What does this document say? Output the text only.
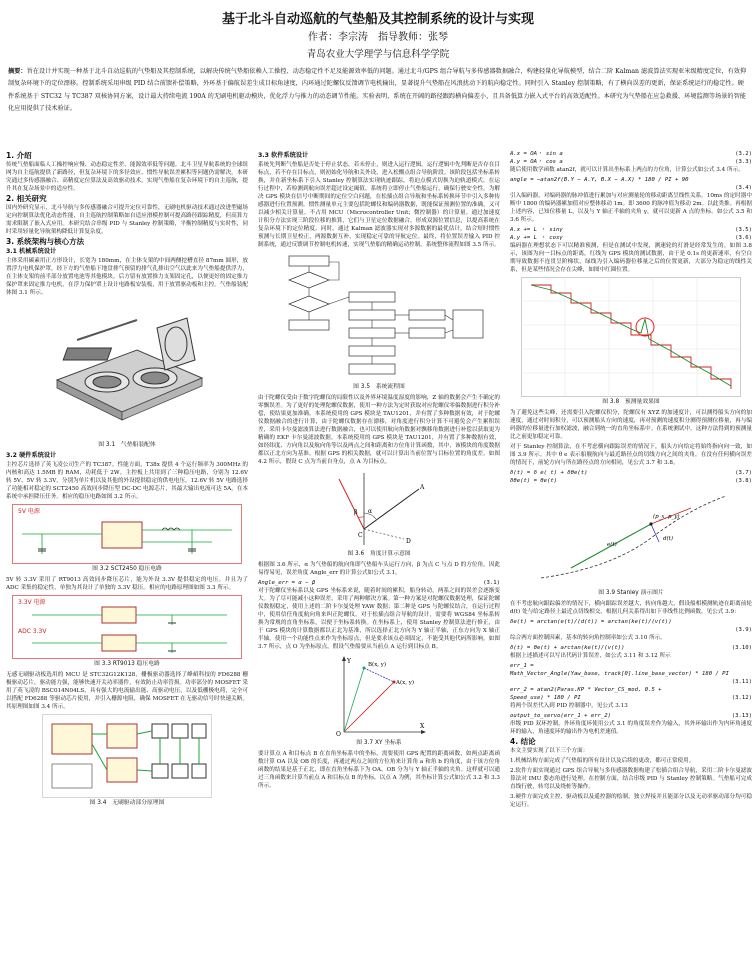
基于北斗自动巡航的气垫船及其控制系统的设计与实现
作者：李宗涛　指导教师：张琴
青岛农业大学理学与信息科学学院
摘要：旨在设计并实现一种基于北斗自动巡航的气垫船及其控制系统，以解决传统气垫船依赖人工操控、动态稳定性不足及能源效率低的问题。通过北斗/GPS 组合导航与多传感器数据融合，构建轻量化导航模型，结合二阶 Kalman 滤波算法实现亚米级精度定位，有效抑制复杂环境下的定位漂移。控制系统采用串级 PID 结合前馈补偿策略，外环基于偏航误差生成目标角速度，内环通过陀螺仪反馈调节电机输出，显著提升气垫船在风浪扰动下的航向稳定性。同时引入 Stanley 控制策略，有了横向误差的更新，保证系统运行的稳定性。硬件系统基于 STC32 与 TC387 双核协同方案，设计最大持续电流 190A 的无刷电机驱动模块，优化浮力与推力的动态调节性能。实验表明，系统在开阔的路径跟踪横向偏差小，且具备低算力嵌入式平台的高效适配性。本研究为气垫船在应急救援、环境监测等场景的智能化应用提供了技术验证。
1. 介绍

传统气垫船面临人工操控响应慢、动态稳定性差、能源效率低等问题。北斗卫星导航系统的全球组网为自主巡航提供了新路径，但复杂环境下的多径效应、惯性导航误差累积等问题仍需解决。本研究通过多传感器融合、高精度定位算法及高效驱动技术，实现气垫船在复杂环境下的自主巡航，提升其在复杂场景中的适应性。

2. 相关研究

国内外研究显示，北斗导航与多传感器融合可提升定位可靠性，无刷电机驱动技术通过改进型磁场定向控制算法优化动态性能，自主巡航控制策略如自适应滑模控制可提高路径跟踪精度，但高算力需求限制了嵌入式应用。本研究结合串级 PID 与 Stanley 控制策略，平衡控制精度与实时性，同时采用轻量化导航架构降低计算复杂度。

3. 系统架构与核心方法
3.1 机械系统设计

主体采用碳素用正方形设计，长宽为 180mm，在主体支架的中间两侧挖槽直径 87mm 圆形，放置浮力电机保护罩，经下方的气垫船下地盘排气预留的排气孔排出空气以此来为气垫船提供浮力，在主体支架的前半部分放置电池等其他模块，后方留有放置推力支架固定孔，以便更好的固定推力保护罩来固定推力电机，在浮力保护罩上设计电路板安装板，用于放置驱动板和主控。气垫船装配体图 3.1 所示。

图 3.1　气垫船装配体
3.2 硬件系统设计

主控芯片选择了英飞凌公司生产的 TC387。性能方面，T38x 提供 4 个运行频率为 300MHz 的内核和高达 1.5MB 的 RAM，功耗低于 2W。主控板上共用到了三种稳压电路，分别为 12.6V 转 5V、5V 转 3.3V，分别为单片机以及其他的外设提供稳定的供电电压。12.6V 转 5V 电路选择了功能相对稳定的 SCT2450 高效同步降压型 DC-DC 电源芯片，其最大输出电流可达 5A，在本系统中承担降压任务。相应的稳压电路如图 3.2 所示。

5V 电源
图 3.2 SCT2450 稳压电路

5V 转 3.3V 采用了 RT9013 高效同步降压芯片，能为外设 3.3V 提供稳定的电压。并且为了 ADC 采集的稳定性，单独为其设计了单独的 3.3V 稳压。相应的电路原理图如图 3.3 所示。

3.3V 电源
ADC 3.3V
图 3.3 RT9013 稳压电路

无感无刷驱动板选用的 MCU 是 STC32G12K128，栅极驱动器选择了峰岹科技的 FD6288 栅极驱动芯片，驱动能力强，能够快速开关功率器件，有效防止功率管损。功率部分的 MOSFET 采用了英飞凌的 BSC014N04LS，具有强大的电流输出能、高驱动电压，以及低栅极电荷，完全可以搭配 FD6288 等驱动芯片使用，并引入栅源电阻，确保 MOSFET 在无驱动信号时快速关断。其原理图如图 3.4 所示。

图 3.4　无刷驱动部分原理图
3.3 软件系统设计

系统先判断气垫船是否处于停止状态，若未停止，则进入运行逻辑。运行逻辑中先判断是否存在目标点，若不存在目标点，则初始化导航和关外设，进入松懈点组合导航阶段。该阶段包括坐标系转换，并在新坐标系下引入 Stanley 控制算法实现轨迹跟踪，将迫点模式切换为迫轨道模式。在运行过程中，若检测到航向误差超过设定阈值，系统将立即停止气垫船运行，确保行驶安全性。为解决 GPS 模块在信号中断期间的定位空白问题，在松插点组合导航和坐标系转换环节中引入多种传感器进行位置预测。惯性测量单元主要包括陀螺仪和编码器数据，既能保证预测位置的准确，又可以减少相关计算量。不占用 MCU（Microcontroller Unit；微控制器）的计算量。通过加速度计积分方法实现三阶段位移的推算，它们与卫星定位数据融合，形成双源位置信息，以提高系统在复杂环境下的定位精度。同时，通过 Kalman 滤波器实现对多源数据的最优估计，结合短时惯性预测与长期卫星校正，两源数据互补，实现稳定可靠的导航定位。最终，将位置误差输入 PID 控制系统，通过反馈调节控制电机转速，实现气垫船的精确运动控制。系统整体流程如图 3.5 所示。

图 3.5　系统流程图

由于陀螺仪受由于数字陀螺仪的局限性以及外界环境温度湿度的影响，Z 轴的数据会产生不确定的零飘误差。为了更好的处理陀螺仪数据，使用一种方法为定时获取对应陀螺仪零偏数据进行积分补偿，使结果更加准确。本系统使用的 GPS 模块是 TAU1201，并有置了多种数据有效，对于陀螺仪数据融合的进行计算，由于陀螺仪数据存在漂移，对角度进行积分计算不可避免会产生累积误差，采用卡尔曼滤波算法进行数据融合，也可以使用航向角数据对飘移角数据进行补偿以获取更为精确的 EKF 卡尔曼滤波数据。本系统使用的 GPS 模块是 TAU1201，并有置了多种数据有效，如经纬度、方向角以及航向角等以及两点之间和距离和方位角计算函数，其中，该模块的角度数据都以正北方向为基准。根据 GPS 的相关数据，就可以计算出当前位置与目标位置的角度差。如图 4.2 所示，假设 C 点为当前自身点，点 A 为目标点。

α
β
C
A
D
图 3.6　角度计算示意图

根据图 3.6 所示，α 为气垫船的航向角即气垫船车头运行方向，β 为点 C 与点 D 的方位角，因此易得易见，误差角度 Angle_err 的计算公式如公式 3.1。

Angle_err = α − β	(3.1)

对于陀螺仪坐标系以及 GPS 坐标系来说，随着时间的累积，船身转动，两系之间的误差会逐渐变大。为了尽可能减小这种误差，采用了两种解决方案。第一种方案是对陀螺仪数据处理，保证陀螺仪数据稳定，使用上述的二阶卡尔曼处理 YAW 数据；第二种是 GPS 与陀螺仪结合，在运行过程中，使用信任角度航向角来纠正陀螺仪。对于松插点组合导航的设计，需要将 WGS84 坐标系转换为常规的直角坐标系，以便于坐标系转换。在坐标系上，使用 Stanley 控制算法进行修正，由于 GPS 模块的计算数据都以正北为基准，所以选择正北方向为 Y 轴正半轴，正东方向为 X 轴正半轴。使用一个功能性点来作为坐标原点，但是要求该点必须固定，不能受其他代码所影响。如图 3.7 所示，点 O 为坐标原点，假设气垫船要从当前点 A 运行到目标点 B。

Y
X
O
A(x, y)
B(x, y)
图 3.7 XY 坐标系

要计算点 A 和目标点 B 在直角坐标系中的坐标，需要使用 GPS 配置的距离函数，如两点距离函数计算 OA 以及 OB 的长度，再通过两点之间的方位角来计算角 a 和角 b 的角度，由于该方位角函数的结果是基于正北，即在直角坐标系下为 OA、OB 分为与 Y 轴正半轴的夹角。这样就可以通过三角函数来计算当前点 A 和目标点 B 的坐标，以点 A 为例，其坐标计算公式如公式 3.2 和 3.3 所示。

A.x = OA・ sin a	(3.2)
A.y = OA・ cos a	(3.3)

随后使用数学函数 atan2f，就可以计算出坐标系上两点的方位角，计算公式如公式 3.4 所示。

angle = −atan2f(B.Y − A.Y, B.X − A.X) * 180 / PI + 90
(3.4)

引入编码器，对编码器的脉冲值进行累加与对应测量轮的移动距离呈线性关系。10ms 的定时器中断中 1800 的编码器累加值对应整体移动 1m。即 3600 的脉冲值为移动 2m。以此类推。再根据上述内容，已知位移量 L，以及与 Y 轴正半轴的夹角 γ，就可以更新 A 点的坐标。如公式 3.5 和 3.6 所示。

A.x += L ・ sinγ	(3.5)
A.y += L ・ cosγ	(3.6)

编码器在理想状态下可以精准预测，但是在测试中发现，测速轮的打滑是经常发生的。如图 3.8 示，该图为向一目标点的距离，红线为 GPS 模块的测试数据，由于是 0.1s 的更新速率，有空白期导致数据不连贯呈阶梯状，绿线为引入编码器位移量之后的位置更新，大部分为稳定的线性关系，但是某些情况会存在尖峰，如图中红圈位置。

图 3.8　预测量效果图

为了避免这些尖峰，还需要引入陀螺仪积分，陀螺仪有 XYZ 的加速度计，可以测得船头方向的加速度，通过对时间积分，可以预测船头方向的速度，再对预测的速度积分测得预测位移量，再与编码器的位移量进行加权滤波，融合到统一的直角坐标系中。在系统测试中，这种方法得到的预测量比之前更加稳定可靠。

对于 Stanley 控制算法，在不考虑横向跟踪误差的情况下，船头方向给定将始终指向向一致，如图 3.9 所示。其中 θ e 表示船舰航向与最近路径点的切线方向之间的夹角，在没有任何横向误差的情况下，前轮方向与所在路径点的方向相同，见公式 3.7 和 3.8。

δ(t) = δ e( t) + δθe(t)	(3.7)
δθe(t) = θe(t)	(3.8)
(p_x, p_y)
d(t)
e(t)
图 3.9 Stanley 演示图片

在不考虑航向跟踪偏差的情况下，横向跟踪误差越大，转向角越大，假设船相模测轨迹在距离前轮 d(t) 处与给定路径上最近点切线相交，根据几何关系得出如下非线性比例函数，见公式 3.9：

δe(t) = arctan(e(t)/(d(t)) = arctan(ke(t)/(v(t))
(3.9)

综合两方面控制因素，基本的转向角控制率如公式 3.10 所示。

δ(t) = θe(t) + arctan(ke(t)/(v(t))	(3.10)

根据上述描述可以写出代码计算误差，如公式 3.11 和 3.12 所示

err_1 =
Math_Vector_Angle(Yaw_base, track[0].line_base_vector) * 180 / PI
(3.11)
err_2 = atan2(Paras.KP * Vector_CS_mod, 0.5 +
Speed_use) * 180 / PI	(3.12)

将两个误差代入到 PID 控制器中，见公式 3.13

output_to_servo(err_1 + err_2)	(3.13)

串级 PID 双环控制，外环角度环使用公式 3.1 的角度误差作为输入，其外环输出作为内环角速度环的输入，角速度环的输出作为电机差速值。

4. 结论

本文主要实现了以下三个方面：

1.机械结构方面完成了气垫船的所有设计以及后续的更改，都可正常使用。

2.软件方面实现通过 GPS 组合导航与多传感器数据构建了松插合组合导航，采用二阶卡尔曼滤波算法对 IMU 姿态角进行处理。在控制方面，结合串级 PID 与 Stanley 控制策略。气垫船可完成直线行驶，转弯以及绕桩等操作。

3.硬件方面完成主控、驱动板以及遥控器的绘制，独立焊接并且能部分以及无动率驱动部分均可稳定运行。
